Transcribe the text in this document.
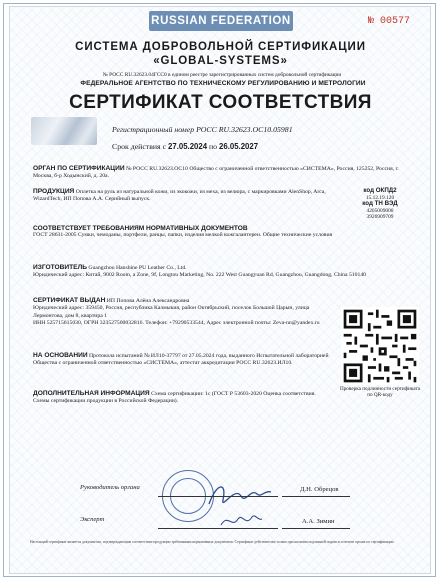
RUSSIAN FEDERATION	№ 00577
СИСТЕМА ДОБРОВОЛЬНОЙ СЕРТИФИКАЦИИ
«GLOBAL-SYSTEMS»
№ РОСС RU.32623.04ГСС0 в едином реестре зарегистрированных систем добровольной сертификации
ФЕДЕРАЛЬНОЕ АГЕНТСТВО ПО ТЕХНИЧЕСКОМУ РЕГУЛИРОВАНИЮ И МЕТРОЛОГИИ
СЕРТИФИКАТ СООТВЕТСТВИЯ
Регистрационный номер РОСС RU.32623.ОС10.05981
Срок действия с 27.05.2024 по 26.05.2027
ОРГАН ПО СЕРТИФИКАЦИИ № РОСС RU.32623.ОС10 Общество с ограниченной ответственностью «СИСТЕМА», Россия, 125252, Россия, г. Москва, б-р Ходынский, д. 20а.
ПРОДУКЦИЯ Оплетка на руль из натуральной кожи, из экокожи, из меха, из велюра, с маркировками AlenShop, Arca, WizardTech, ИП Попова А.А. Серийный выпуск.
код ОКПД2
15.12.19.120
код ТН ВЭД
4205009000
3926909709
СООТВЕТСТВУЕТ ТРЕБОВАНИЯМ НОРМАТИВНЫХ ДОКУМЕНТОВ
ГОСТ 28631-2005 Сумки, чемоданы, портфели, ранцы, папки, изделия мелкой кожгалантереи. Общие технические условия
ИЗГОТОВИТЕЛЬ Guangzhou Hanshine PU Leather Co., Ltd.
Юридический адрес: Китай, 9002 Room, a Zone, 9f, Longtou Marketing, No. 222 West Guangyuan Rd, Guangzhou, Guangdong, China 510140
СЕРТИФИКАТ ВЫДАН ИП Попова Алёна Александровна
Юридический адрес: 359450, Россия, республика Калмыкия, район Октябрьский, поселок Большой Царын, улица Лермонтова, дом 8, квартира 1
ИНН 525715615030, ОГРН 323527500032816. Телефон: +79290533544, Адрес электронной почты: Zeva-nn@yandex.ru
НА ОСНОВАНИИ Протокола испытаний № ИЛ10-37797 от 27.05.2024 года, выданного Испытательной лабораторией Общества с ограниченной ответственностью «СИСТЕМА», аттестат аккредитации РОСС RU.32623.ИЛ10.
ДОПОЛНИТЕЛЬНАЯ ИНФОРМАЦИЯ Схема сертификации: 1с (ГОСТ Р 53603-2020 Оценка соответствия. Схемы сертификации продукции в Российской Федерации).
Проверка подлинности сертификата по QR-коду
Руководитель органа	Д.Н. Обрецов
Эксперт	А.А. Зимин
Настоящий сертификат является документом, подтверждающим соответствие продукции требованиям нормативных документов. Сертификат действителен только при наличии подлинной подписи и печати органа по сертификации.
